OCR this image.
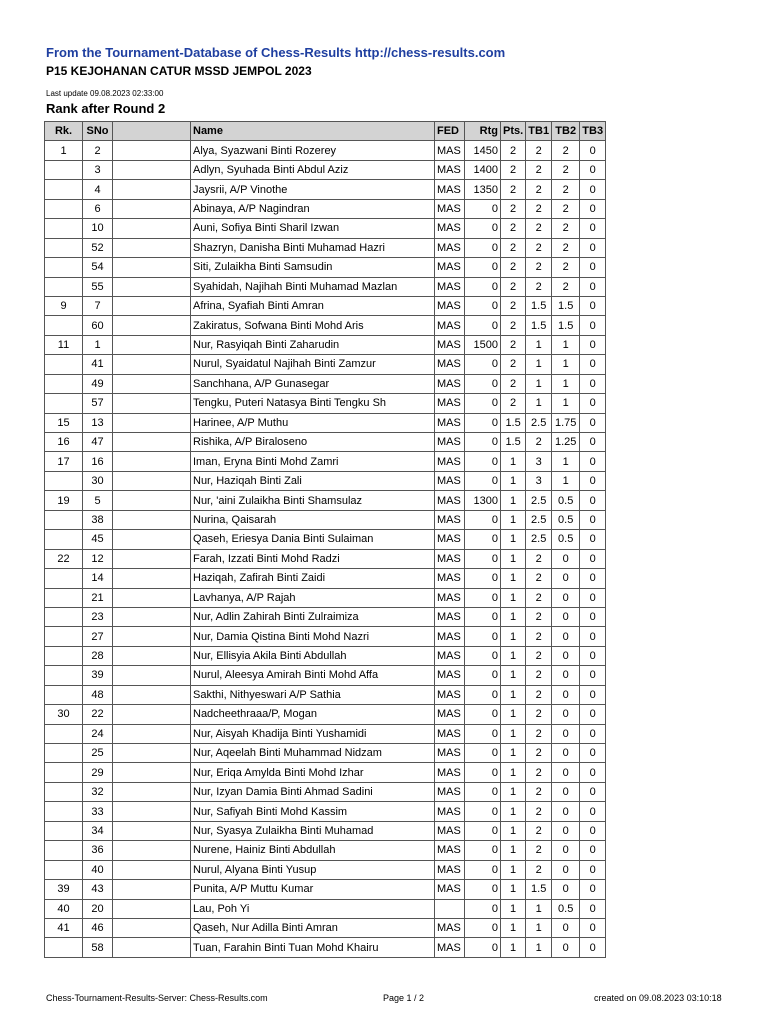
From the Tournament-Database of Chess-Results http://chess-results.com
P15 KEJOHANAN CATUR MSSD JEMPOL 2023
Last update 09.08.2023 02:33:00
Rank after Round 2
Rk.	SNo		Name	FED	Rtg	Pts.	TB1	TB2	TB3
1	2		Alya, Syazwani Binti Rozerey	MAS	1450	2	2	2	0
	3		Adlyn, Syuhada Binti Abdul Aziz	MAS	1400	2	2	2	0
	4		Jaysrii, A/P Vinothe	MAS	1350	2	2	2	0
	6		Abinaya, A/P Nagindran	MAS	0	2	2	2	0
	10		Auni, Sofiya Binti Sharil Izwan	MAS	0	2	2	2	0
	52		Shazryn, Danisha Binti Muhamad Hazri	MAS	0	2	2	2	0
	54		Siti, Zulaikha Binti Samsudin	MAS	0	2	2	2	0
	55		Syahidah, Najihah Binti Muhamad Mazlan	MAS	0	2	2	2	0
9	7		Afrina, Syafiah Binti Amran	MAS	0	2	1.5	1.5	0
	60		Zakiratus, Sofwana Binti Mohd Aris	MAS	0	2	1.5	1.5	0
11	1		Nur, Rasyiqah Binti Zaharudin	MAS	1500	2	1	1	0
	41		Nurul, Syaidatul Najihah Binti Zamzur	MAS	0	2	1	1	0
	49		Sanchhana, A/P Gunasegar	MAS	0	2	1	1	0
	57		Tengku, Puteri Natasya Binti Tengku Sh	MAS	0	2	1	1	0
15	13		Harinee, A/P Muthu	MAS	0	1.5	2.5	1.75	0
16	47		Rishika, A/P Biraloseno	MAS	0	1.5	2	1.25	0
17	16		Iman, Eryna Binti Mohd Zamri	MAS	0	1	3	1	0
	30		Nur, Haziqah Binti Zali	MAS	0	1	3	1	0
19	5		Nur, 'aini Zulaikha Binti Shamsulaz	MAS	1300	1	2.5	0.5	0
	38		Nurina, Qaisarah	MAS	0	1	2.5	0.5	0
	45		Qaseh, Eriesya Dania Binti Sulaiman	MAS	0	1	2.5	0.5	0
22	12		Farah, Izzati Binti Mohd Radzi	MAS	0	1	2	0	0
	14		Haziqah, Zafirah Binti Zaidi	MAS	0	1	2	0	0
	21		Lavhanya, A/P Rajah	MAS	0	1	2	0	0
	23		Nur, Adlin Zahirah Binti Zulraimiza	MAS	0	1	2	0	0
	27		Nur, Damia Qistina Binti Mohd Nazri	MAS	0	1	2	0	0
	28		Nur, Ellisyia Akila Binti Abdullah	MAS	0	1	2	0	0
	39		Nurul, Aleesya Amirah Binti Mohd Affa	MAS	0	1	2	0	0
	48		Sakthi, Nithyeswari A/P Sathia	MAS	0	1	2	0	0
30	22		Nadcheethraaa/P, Mogan	MAS	0	1	2	0	0
	24		Nur, Aisyah Khadija Binti Yushamidi	MAS	0	1	2	0	0
	25		Nur, Aqeelah Binti Muhammad Nidzam	MAS	0	1	2	0	0
	29		Nur, Eriqa Amylda Binti Mohd Izhar	MAS	0	1	2	0	0
	32		Nur, Izyan Damia Binti Ahmad Sadini	MAS	0	1	2	0	0
	33		Nur, Safiyah Binti Mohd Kassim	MAS	0	1	2	0	0
	34		Nur, Syasya Zulaikha Binti Muhamad	MAS	0	1	2	0	0
	36		Nurene, Hainiz Binti Abdullah	MAS	0	1	2	0	0
	40		Nurul, Alyana Binti Yusup	MAS	0	1	2	0	0
39	43		Punita, A/P Muttu Kumar	MAS	0	1	1.5	0	0
40	20		Lau, Poh Yi		0	1	1	0.5	0
41	46		Qaseh, Nur Adilla Binti Amran	MAS	0	1	1	0	0
	58		Tuan, Farahin Binti Tuan Mohd Khairu	MAS	0	1	1	0	0
Chess-Tournament-Results-Server: Chess-Results.com	Page 1 / 2	created on 09.08.2023 03:10:18
